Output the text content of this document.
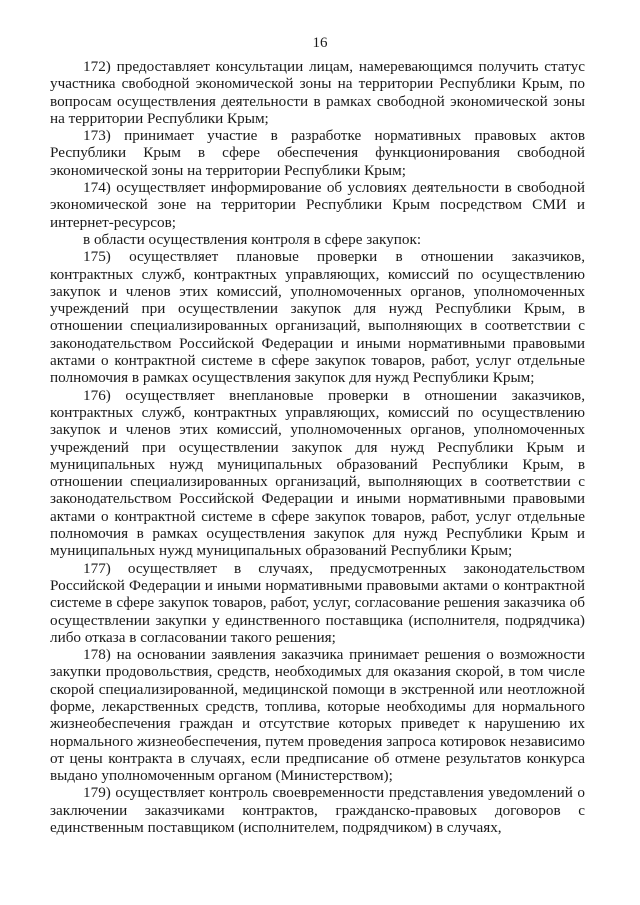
16

172) предоставляет консультации лицам, намеревающимся получить статус участника свободной экономической зоны на территории Республики Крым, по вопросам осуществления деятельности в рамках свободной экономической зоны на территории Республики Крым;

173) принимает участие в разработке нормативных правовых актов Республики Крым в сфере обеспечения функционирования свободной экономической зоны на территории Республики Крым;

174) осуществляет информирование об условиях деятельности в свободной экономической зоне на территории Республики Крым посредством СМИ и интернет-ресурсов;

в области осуществления контроля в сфере закупок:

175) осуществляет плановые проверки в отношении заказчиков, контрактных служб, контрактных управляющих, комиссий по осуществлению закупок и членов этих комиссий, уполномоченных органов, уполномоченных учреждений при осуществлении закупок для нужд Республики Крым, в отношении специализированных организаций, выполняющих в соответствии с законодательством Российской Федерации и иными нормативными правовыми актами о контрактной системе в сфере закупок товаров, работ, услуг отдельные полномочия в рамках осуществления закупок для нужд Республики Крым;

176) осуществляет внеплановые проверки в отношении заказчиков, контрактных служб, контрактных управляющих, комиссий по осуществлению закупок и членов этих комиссий, уполномоченных органов, уполномоченных учреждений при осуществлении закупок для нужд Республики Крым и муниципальных нужд муниципальных образований Республики Крым, в отношении специализированных организаций, выполняющих в соответствии с законодательством Российской Федерации и иными нормативными правовыми актами о контрактной системе в сфере закупок товаров, работ, услуг отдельные полномочия в рамках осуществления закупок для нужд Республики Крым и муниципальных нужд муниципальных образований Республики Крым;

177) осуществляет в случаях, предусмотренных законодательством Российской Федерации и иными нормативными правовыми актами о контрактной системе в сфере закупок товаров, работ, услуг, согласование решения заказчика об осуществлении закупки у единственного поставщика (исполнителя, подрядчика) либо отказа в согласовании такого решения;

178) на основании заявления заказчика принимает решения о возможности закупки продовольствия, средств, необходимых для оказания скорой, в том числе скорой специализированной, медицинской помощи в экстренной или неотложной форме, лекарственных средств, топлива, которые необходимы для нормального жизнеобеспечения граждан и отсутствие которых приведет к нарушению их нормального жизнеобеспечения, путем проведения запроса котировок независимо от цены контракта в случаях, если предписание об отмене результатов конкурса выдано уполномоченным органом (Министерством);

179) осуществляет контроль своевременности представления уведомлений о заключении заказчиками контрактов, гражданско-правовых договоров с единственным поставщиком (исполнителем, подрядчиком) в случаях,
